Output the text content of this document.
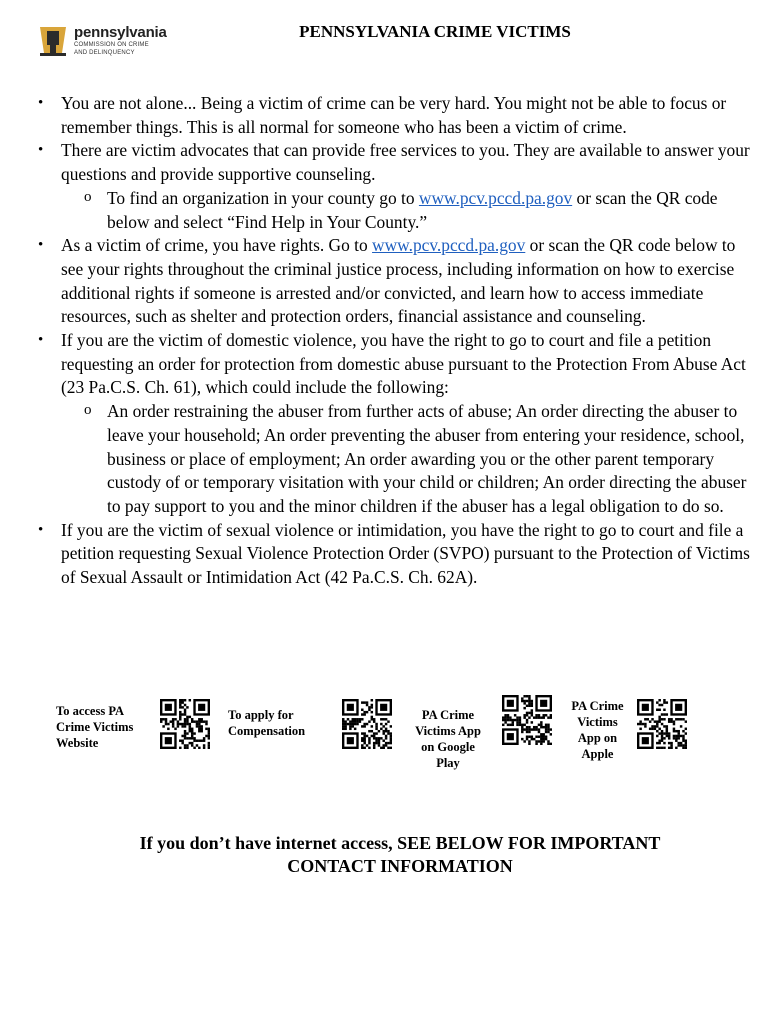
pennsylvania
COMMISSION ON CRIME
AND DELINQUENCY
PENNSYLVANIA CRIME VICTIMS
• You are not alone... Being a victim of crime can be very hard. You might not be able to focus or remember things. This is all normal for someone who has been a victim of crime.
• There are victim advocates that can provide free services to you. They are available to answer your questions and provide supportive counseling.
o To find an organization in your county go to www.pcv.pccd.pa.gov or scan the QR code below and select “Find Help in Your County.”
• As a victim of crime, you have rights. Go to www.pcv.pccd.pa.gov or scan the QR code below to see your rights throughout the criminal justice process, including information on how to exercise additional rights if someone is arrested and/or convicted, and learn how to access immediate resources, such as shelter and protection orders, financial assistance and counseling.
• If you are the victim of domestic violence, you have the right to go to court and file a petition requesting an order for protection from domestic abuse pursuant to the Protection From Abuse Act (23 Pa.C.S. Ch. 61), which could include the following:
o An order restraining the abuser from further acts of abuse; An order directing the abuser to leave your household; An order preventing the abuser from entering your residence, school, business or place of employment; An order awarding you or the other parent temporary custody of or temporary visitation with your child or children; An order directing the abuser to pay support to you and the minor children if the abuser has a legal obligation to do so.
• If you are the victim of sexual violence or intimidation, you have the right to go to court and file a petition requesting Sexual Violence Protection Order (SVPO) pursuant to the Protection of Victims of Sexual Assault or Intimidation Act (42 Pa.C.S. Ch. 62A).
To access PA Crime Victims Website
To apply for Compensation
PA Crime Victims App on Google Play
PA Crime Victims App on Apple
If you don’t have internet access, SEE BELOW FOR IMPORTANT
CONTACT INFORMATION
